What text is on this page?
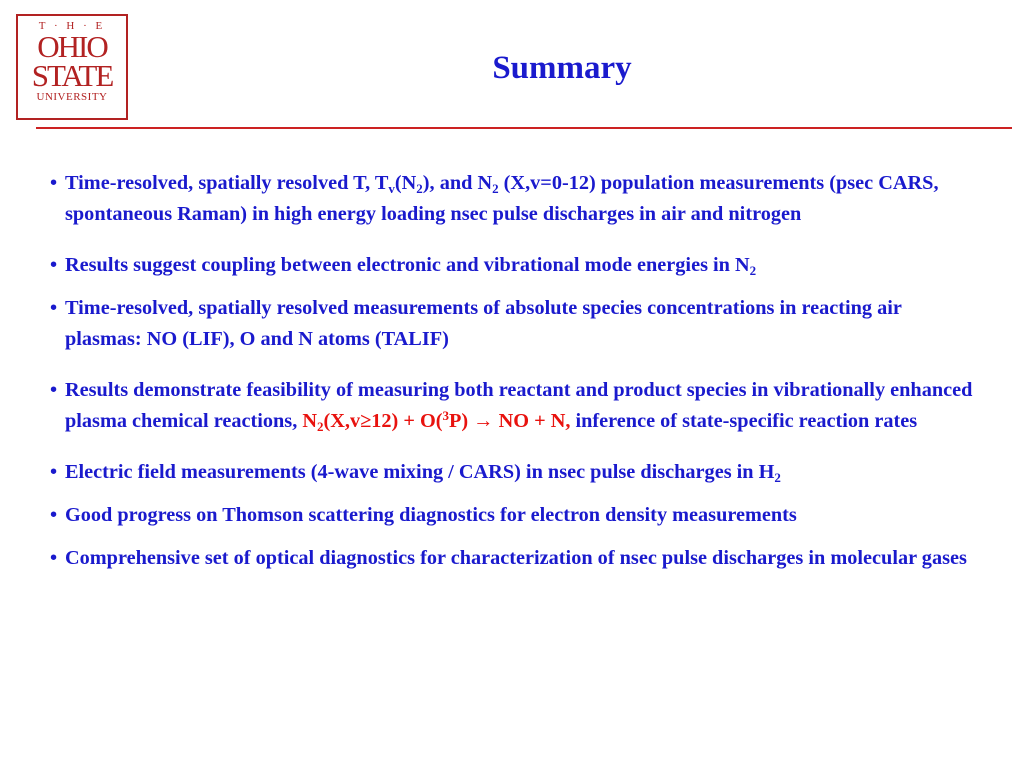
T · H · E
OHIO
STATE
UNIVERSITY
Summary
• Time-resolved, spatially resolved T, $T_v(N_2)$, and $N_2$ (X,v=0-12) population measurements (psec CARS, spontaneous Raman) in high energy loading nsec pulse discharges in air and nitrogen
• Results suggest coupling between electronic and vibrational mode energies in $N_2$
• Time-resolved, spatially resolved measurements of absolute species concentrations in reacting air plasmas: NO (LIF), O and N atoms (TALIF)
• Results demonstrate feasibility of measuring both reactant and product species in vibrationally enhanced plasma chemical reactions, $N_2(X,v\ge 12) + O(^3P)$ → NO + N, inference of state-specific reaction rates
• Electric field measurements (4-wave mixing / CARS) in nsec pulse discharges in $H_2$
• Good progress on Thomson scattering diagnostics for electron density measurements
• Comprehensive set of optical diagnostics for characterization of nsec pulse discharges in molecular gases
